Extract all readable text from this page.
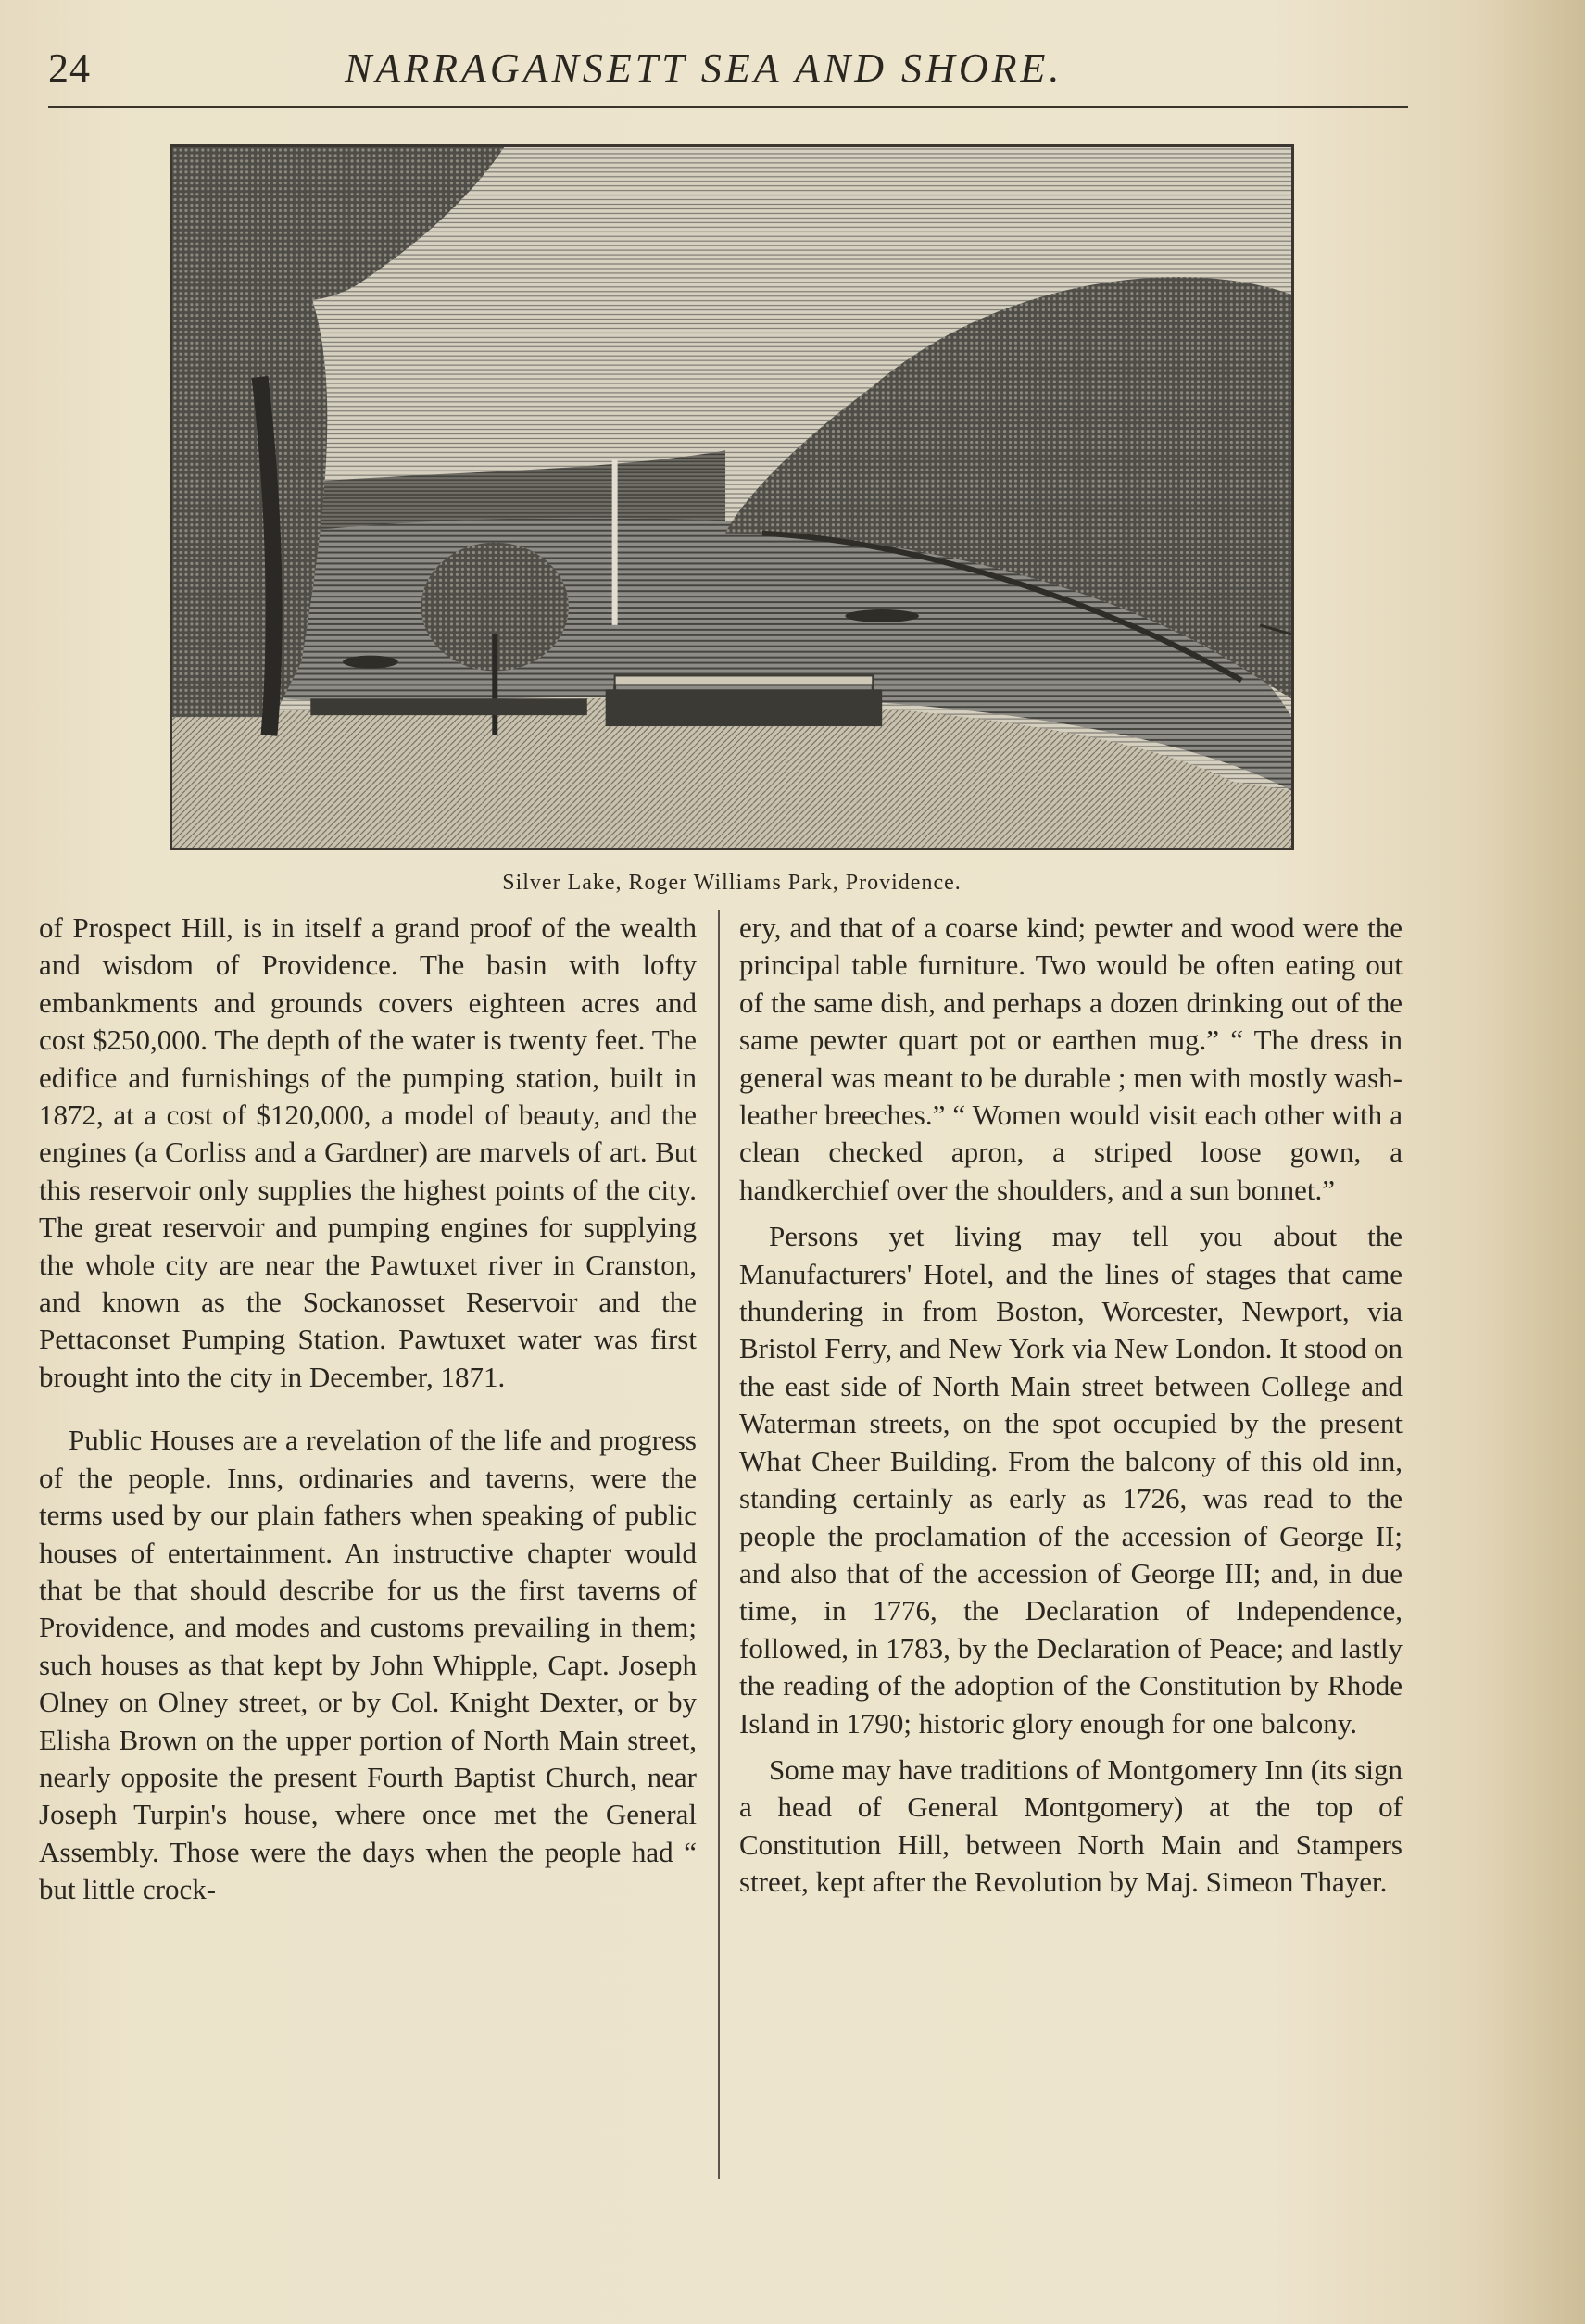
24	NARRAGANSETT SEA AND SHORE.
Silver Lake, Roger Williams Park, Providence.

of Prospect Hill, is in itself a grand proof of the wealth and wisdom of Providence. The basin with lofty embankments and grounds covers eighteen acres and cost $250,000. The depth of the water is twenty feet. The edifice and furnishings of the pumping station, built in 1872, at a cost of $120,000, a model of beauty, and the engines (a Corliss and a Gardner) are marvels of art. But this reservoir only supplies the highest points of the city. The great reservoir and pumping engines for supplying the whole city are near the Pawtuxet river in Cranston, and known as the Sockanosset Reservoir and the Pettaconset Pumping Station. Pawtuxet water was first brought into the city in December, 1871.

Public Houses are a revelation of the life and progress of the people. Inns, ordinaries and taverns, were the terms used by our plain fathers when speaking of public houses of entertainment. An instructive chapter would that be that should describe for us the first taverns of Providence, and modes and customs prevailing in them; such houses as that kept by John Whipple, Capt. Joseph Olney on Olney street, or by Col. Knight Dexter, or by Elisha Brown on the upper portion of North Main street, nearly opposite the present Fourth Baptist Church, near Joseph Turpin's house, where once met the General Assembly. Those were the days when the people had “ but little crock-

ery, and that of a coarse kind; pewter and wood were the principal table furniture. Two would be often eating out of the same dish, and perhaps a dozen drinking out of the same pewter quart pot or earthen mug.” “ The dress in general was meant to be durable ; men with mostly wash-leather breeches.” “ Women would visit each other with a clean checked apron, a striped loose gown, a handkerchief over the shoulders, and a sun bonnet.”

Persons yet living may tell you about the Manufacturers' Hotel, and the lines of stages that came thundering in from Boston, Worcester, Newport, via Bristol Ferry, and New York via New London. It stood on the east side of North Main street between College and Waterman streets, on the spot occupied by the present What Cheer Building. From the balcony of this old inn, standing certainly as early as 1726, was read to the people the proclamation of the accession of George II; and also that of the accession of George III; and, in due time, in 1776, the Declaration of Independence, followed, in 1783, by the Declaration of Peace; and lastly the reading of the adoption of the Constitution by Rhode Island in 1790; historic glory enough for one balcony.

Some may have traditions of Montgomery Inn (its sign a head of General Montgomery) at the top of Constitution Hill, between North Main and Stampers street, kept after the Revolution by Maj. Simeon Thayer.
